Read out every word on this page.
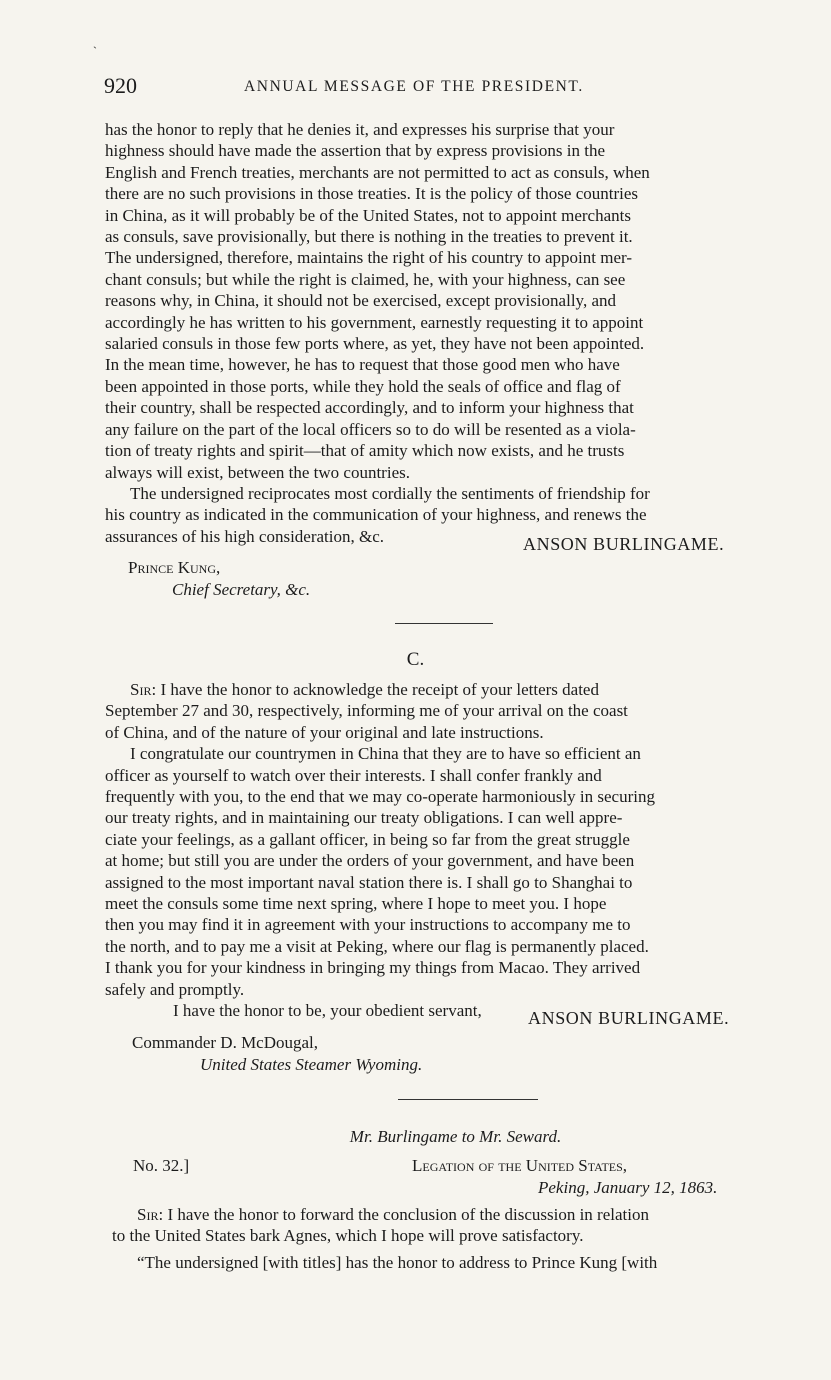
ˎ
920	ANNUAL MESSAGE OF THE PRESIDENT.

has the honor to reply that he denies it, and expresses his surprise that your

highness should have made the assertion that by express provisions in the

English and French treaties, merchants are not permitted to act as consuls, when

there are no such provisions in those treaties. It is the policy of those countries

in China, as it will probably be of the United States, not to appoint merchants

as consuls, save provisionally, but there is nothing in the treaties to prevent it.

The undersigned, therefore, maintains the right of his country to appoint mer-

chant consuls; but while the right is claimed, he, with your highness, can see

reasons why, in China, it should not be exercised, except provisionally, and

accordingly he has written to his government, earnestly requesting it to appoint

salaried consuls in those few ports where, as yet, they have not been appointed.

In the mean time, however, he has to request that those good men who have

been appointed in those ports, while they hold the seals of office and flag of

their country, shall be respected accordingly, and to inform your highness that

any failure on the part of the local officers so to do will be resented as a viola-

tion of treaty rights and spirit—that of amity which now exists, and he trusts

always will exist, between the two countries.

The undersigned reciprocates most cordially the sentiments of friendship for

his country as indicated in the communication of your highness, and renews the

assurances of his high consideration, &c.	ANSON BURLINGAME.
Prince Kung,
Chief Secretary, &c.
C.

Sir: I have the honor to acknowledge the receipt of your letters dated

September 27 and 30, respectively, informing me of your arrival on the coast

of China, and of the nature of your original and late instructions.

I congratulate our countrymen in China that they are to have so efficient an

officer as yourself to watch over their interests. I shall confer frankly and

frequently with you, to the end that we may co-operate harmoniously in securing

our treaty rights, and in maintaining our treaty obligations. I can well appre-

ciate your feelings, as a gallant officer, in being so far from the great struggle

at home; but still you are under the orders of your government, and have been

assigned to the most important naval station there is. I shall go to Shanghai to

meet the consuls some time next spring, where I hope to meet you. I hope

then you may find it in agreement with your instructions to accompany me to

the north, and to pay me a visit at Peking, where our flag is permanently placed.

I thank you for your kindness in bringing my things from Macao. They arrived

safely and promptly.

I have the honor to be, your obedient servant,	ANSON BURLINGAME.
Commander D. McDougal,
United States Steamer Wyoming.
Mr. Burlingame to Mr. Seward.
No. 32.]	Legation of the United States,
Peking, January 12, 1863.

Sir: I have the honor to forward the conclusion of the discussion in relation

to the United States bark Agnes, which I hope will prove satisfactory.

“The undersigned [with titles] has the honor to address to Prince Kung [with
